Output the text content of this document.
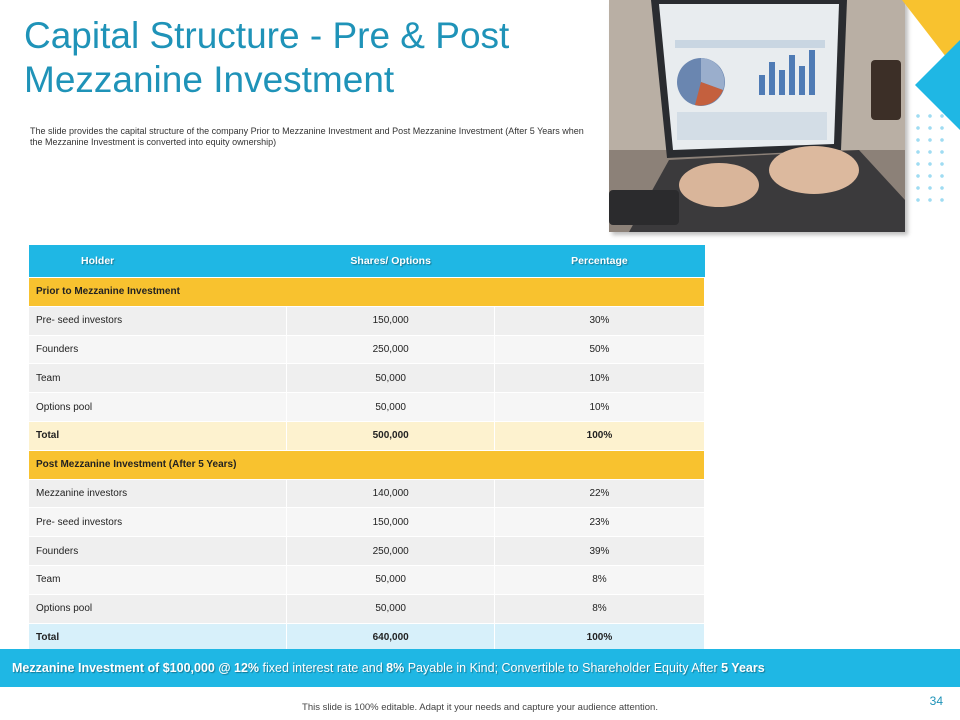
Capital Structure - Pre & Post
Mezzanine Investment
The slide provides the capital structure of the company Prior to Mezzanine Investment and Post Mezzanine Investment (After 5 Years when the Mezzanine Investment is converted into equity ownership)
Holder	Shares/ Options	Percentage
Prior to Mezzanine Investment		
Pre- seed investors	150,000	30%
Founders	250,000	50%
Team	50,000	10%
Options pool	50,000	10%
Total	500,000	100%
Post Mezzanine Investment (After 5 Years)		
Mezzanine investors	140,000	22%
Pre- seed investors	150,000	23%
Founders	250,000	39%
Team	50,000	8%
Options pool	50,000	8%
Total	640,000	100%
Mezzanine Investment of $100,000 @ 12% fixed interest rate and 8% Payable in Kind; Convertible to Shareholder Equity After 5 Years
34
This slide is 100% editable. Adapt it your needs and capture your audience attention.
